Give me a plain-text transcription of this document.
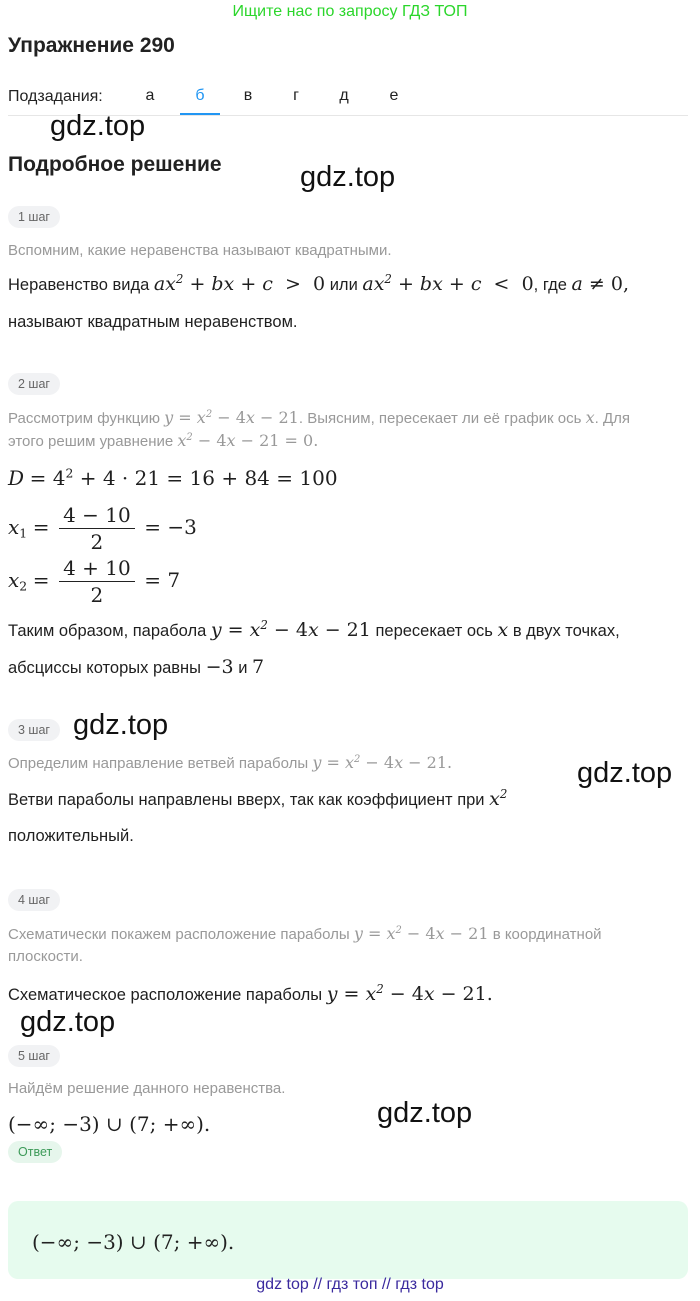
Ищите нас по запросу ГДЗ ТОП
Упражнение 290
Подзадания:	а	б	в	г	д	е
gdz.top
gdz.top
gdz.top
gdz.top
gdz.top
gdz.top
Подробное решение
1 шаг
Вспомним, какие неравенства называют квадратными.
Неравенство вида $ax^2$ + bx + c  > 0 или $ax^2$ + bx + c  < 0, где a ≠ 0,
называют квадратным неравенством.
2 шаг
Рассмотрим функцию $y = x^2 - 4x - 21$. Выясним, пересекает ли её график ось x. Для
этого решим уравнение $x^2 - 4x - 21 = 0$.
$D = 4^2 + 4 \cdot 21 = 16 + 84 = 100$
$x_1 = \frac{4 - 10}{2} = -3$
$x_2 = \frac{4 + 10}{2} = 7$
Таким образом, парабола $y = x^2 - 4x - 21$ пересекает ось x в двух точках,
абсциссы которых равны −3 и 7
3 шаг
Определим направление ветвей параболы $y = x^2 - 4x - 21$.
Ветви параболы направлены вверх, так как коэффициент при $x^2$
положительный.
4 шаг
Схематически покажем расположение параболы $y = x^2 - 4x - 21$ в координатной
плоскости.
Схематическое расположение параболы $y = x^2 - 4x - 21$.
5 шаг
Найдём решение данного неравенства.
(−∞; −3) ∪ (7; +∞).
Ответ
(−∞; −3) ∪ (7; +∞).
gdz top // гдз топ // гдз top
